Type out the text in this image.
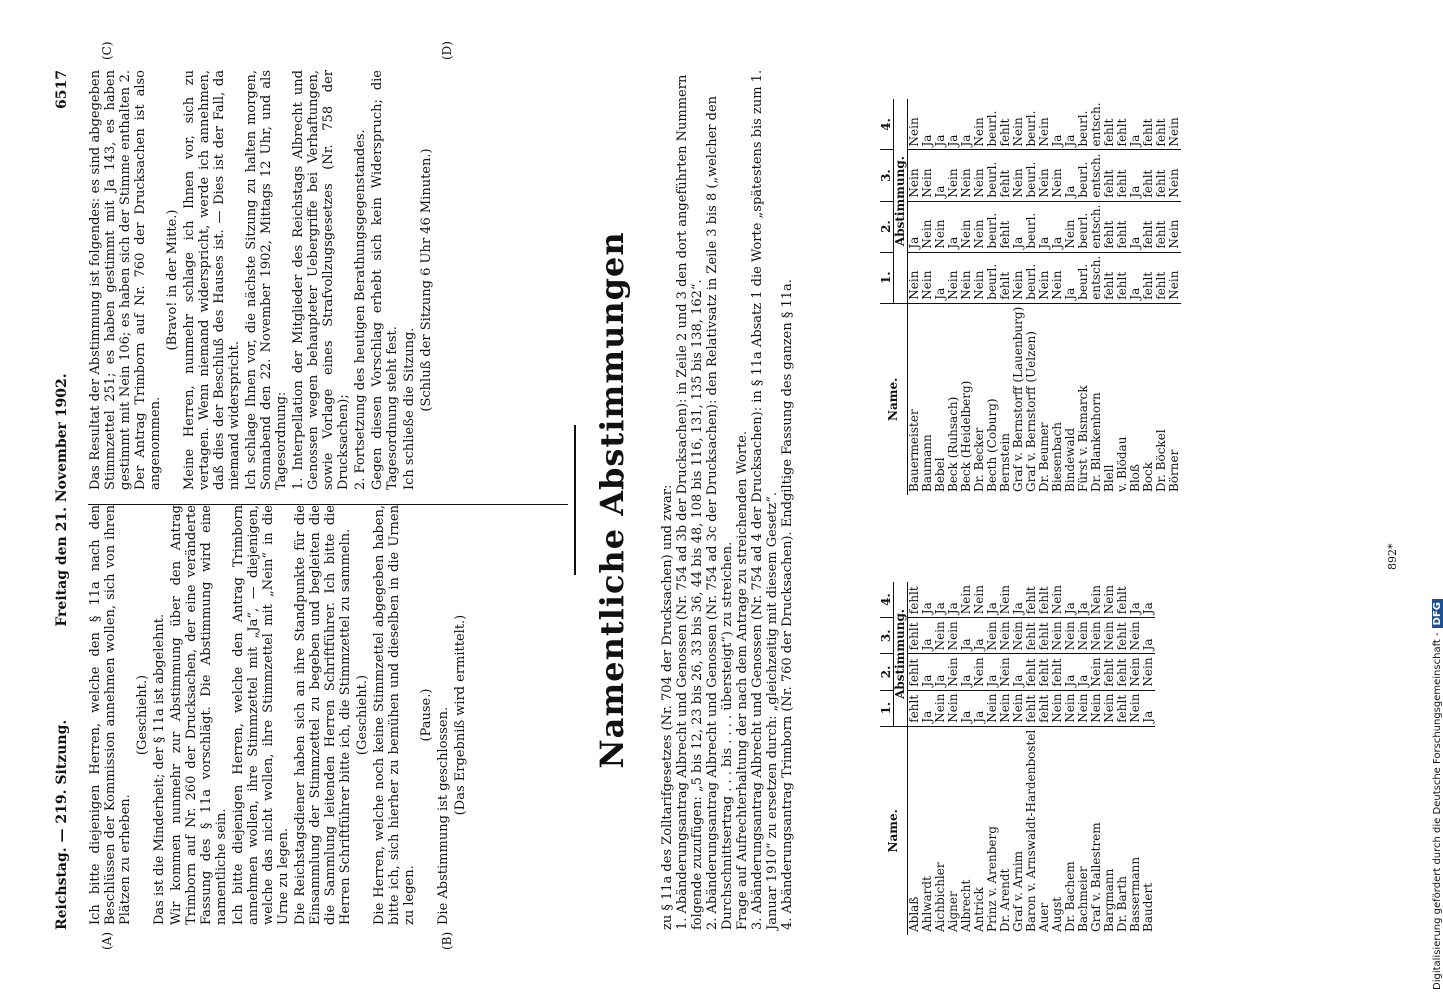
Reichstag. — 219. Sitzung.
Freitag den 21. November 1902.
6517
(A)	(B)
(C)	(D)

Ich bitte diejenigen Herren, welche den § 11a nach den Beschlüssen der Kommission annehmen wollen, sich von ihren Plätzen zu erheben.

(Geschieht.) Das ist die Minderheit; der § 11a ist abgelehnt. Wir kommen nunmehr zur Abstimmung über den Antrag Trimborn auf Nr. 260 der Drucksachen, der eine veränderte Fassung des § 11a vorschlägt. Die Abstimmung wird eine namentliche sein. Ich bitte diejenigen Herren, welche den Antrag Trimborn annehmen wollen, ihre Stimmzettel mit „Ja“, — diejenigen, welche das nicht wollen, ihre Stimmzettel mit „Nein“ in die Urne zu legen. Die Reichstagsdiener haben sich an ihre Standpunkte für die Einsammlung der Stimmzettel zu begeben und begleiten die die Sammlung leitenden Herren Schriftführer. Ich bitte die Herren Schriftführer bitte ich, die Stimmzettel zu sammeln. (Geschieht.) Die Herren, welche noch keine Stimmzettel abgegeben haben, bitte ich, sich hierher zu bemühen und dieselben in die Urnen zu legen.

(Pause.) Die Abstimmung ist geschlossen. (Das Ergebniß wird ermittelt.)

Das Resultat der Abstimmung ist folgendes: es sind abgegeben Stimmzettel 251; es haben gestimmt mit Ja 143, es haben gestimmt mit Nein 106; es haben sich der Stimme enthalten 2. Der Antrag Trimborn auf Nr. 760 der Drucksachen ist also angenommen.

(Bravo! in der Mitte.) Meine Herren, nunmehr schlage ich Ihnen vor, sich zu vertagen. Wenn niemand widerspricht, werde ich annehmen, daß dies der Beschluß des Hauses ist. — Dies ist der Fall, da niemand widerspricht. Ich schlage Ihnen vor, die nächste Sitzung zu halten morgen, Sonnabend den 22. November 1902, Mittags 12 Uhr, und als Tagesordnung: 1. Interpellation der Mitglieder des Reichstags Albrecht und Genossen wegen behaupteter Uebergriffe bei Verhaftungen, sowie Vorlage eines Strafvollzugsgesetzes (Nr. 758 der Drucksachen); 2. Fortsetzung des heutigen Berathungsgegenstandes. Gegen diesen Vorschlag erhebt sich kein Widerspruch; die Tagesordnung steht fest. Ich schließe die Sitzung. (Schluß der Sitzung 6 Uhr 46 Minuten.)	Namentliche Abstimmungen zu § 11a des Zolltarifgesetzes (Nr. 704 der Drucksachen) und zwar: 1. Abänderungsantrag Albrecht und Genossen (Nr. 754 ad 3b der Drucksachen): in Zeile 2 und 3 den dort angeführten Nummern folgende zuzufügen: „5 bis 12, 23 bis 26, 33 bis 36, 44 bis 48, 108 bis 116, 131, 135 bis 138, 162“. 2. Abänderungsantrag Albrecht und Genossen (Nr. 754 ad 3c der Drucksachen): den Relativsatz in Zeile 3 bis 8 („welcher den Durchschnittsertrag . . . bis . . . . übersteigt“) zu streichen. Frage auf Aufrechterhaltung der nach dem Antrage zu streichenden Worte. 3. Abänderungsantrag Albrecht und Genossen (Nr. 754 ad 4 der Drucksachen): in § 11a Absatz 1 die Worte „spätestens bis zum 1. Januar 1910“ zu ersetzen durch: „gleichzeitig mit diesem Gesetz“. 4. Abänderungsantrag Trimborn (Nr. 760 der Drucksachen). Endgiltige Fassung des ganzen § 11a.	Name.	1.	2.	3.	4.
	Abstimmung.			
Ablaß	fehlt	fehlt	fehlt	fehlt
Ahlwardt	Ja	Ja	Ja	Ja
Aichbichler	Nein	Ja	Nein	Ja
Aigner	Nein	Nein	Nein	Ja
Albrecht	Ja	Ja	Ja	Nein
Antrick	Ja	Nein	Ja	Nein
Prinz v. Arenberg	Nein	Ja	Nein	Ja
Dr. Arendt	Nein	Nein	Nein	Nein
Graf v. Arnim	Nein	Ja	Nein	Ja
Baron v. Arnswaldt-Hardenbostel	fehlt	fehlt	fehlt	fehlt
Auer	fehlt	fehlt	fehlt	fehlt
Augst	Nein	fehlt	Nein	Nein
Dr. Bachem	Nein	Ja	Nein	Ja
Bachmeier	Nein	Ja	Nein	Ja
Graf v. Ballestrem	Nein	Nein	Nein	Nein
Bargmann	Nein	fehlt	Nein	Nein
Dr. Barth	fehlt	fehlt	fehlt	fehlt
Bassermann	Nein	Nein	Nein	Ja
Baudert	Ja	Nein	Ja	Ja
Name.	1.	2.	3.	4.
	Abstimmung.			
Bauermeister	Nein	Ja	Nein	Nein
Baumann	Nein	Nein	Nein	Ja
Bebel	Ja	Nein	Ja	Ja
Beck (Ruhsach)	Nein	Ja	Nein	Ja
Beck (Heidelberg)	Nein	Nein	Nein	Ja
Dr. Becker	Nein	Nein	Nein	Nein
Becth (Coburg)	beurl.	beurl.	beurl.	beurl.
Bernstein	fehlt	fehlt	fehlt	fehlt
Graf v. Bernstorff (Lauenburg)	Nein	Ja	Nein	Nein
Graf v. Bernstorff (Uelzen)	beurl.	beurl.	beurl.	beurl.
Dr. Beumer	Nein	Ja	Nein	Nein
Biesenbach	Nein	Ja	Nein	Ja
Bindewald	Ja	Nein	Ja	Ja
Fürst v. Bismarck	beurl.	beurl.	beurl.	beurl.
Dr. Blankenhorn	entsch.	entsch.	entsch.	entsch.
Blell	fehlt	fehlt	fehlt	fehlt
v. Blödau	fehlt	fehlt	fehlt	fehlt
Bloß	Ja	Ja	Ja	Ja
Bock	fehlt	fehlt	fehlt	fehlt
Dr. Böckel	fehlt	fehlt	fehlt	fehlt
Börner	Nein	Nein	Nein	Nein
892*
Digitalisierung gefördert durch die Deutsche Forschungsgemeinschaft -DFG
